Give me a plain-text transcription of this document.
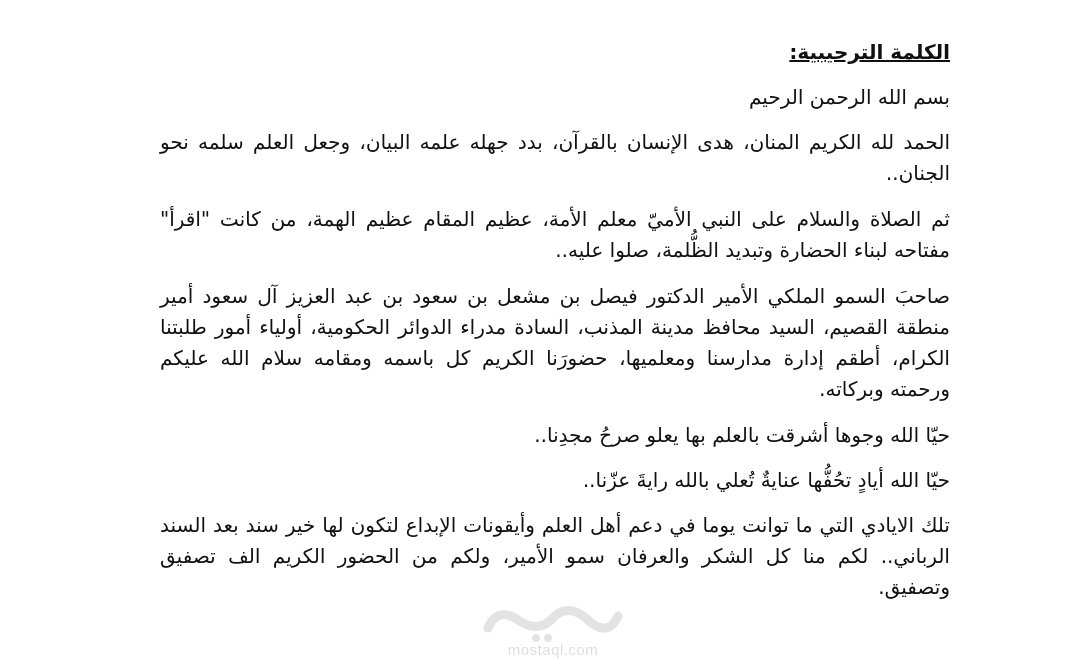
الكلمة الترحيبية:

بسم الله الرحمن الرحيم

الحمد لله الكريم المنان، هدى الإنسان بالقرآن، بدد جهله علمه البيان، وجعل العلم سلمه نحو الجنان..

ثم الصلاة والسلام على النبي الأميّ معلم الأمة، عظيم المقام عظيم الهمة، من كانت "اقرأ" مفتاحه لبناء الحضارة وتبديد الظُّلمة، صلوا عليه..

صاحبَ السمو الملكي الأمير الدكتور فيصل بن مشعل بن سعود بن عبد العزيز آل سعود أمير منطقة القصيم، السيد محافظ مدينة المذنب، السادة مدراء الدوائر الحكومية، أولياء أمور طلبتنا الكرام، أطقم إدارة مدارسنا ومعلميها، حضورَنا الكريم كل باسمه ومقامه سلام الله عليكم ورحمته وبركاته.

حيّا الله وجوها أشرقت بالعلم بها يعلو صرحُ مجدِنا..

حيّا الله أيادٍ تحُفُّها عنايةٌ تُعلي بالله رايةَ عزّنا..

تلك الايادي التي ما توانت يوما في دعم أهل العلم وأيقونات الإبداع لتكون لها خير سند بعد السند الرباني.. لكم منا كل الشكر والعرفان سمو الأمير، ولكم من الحضور الكريم الف تصفيق وتصفيق.

mostaql.com
